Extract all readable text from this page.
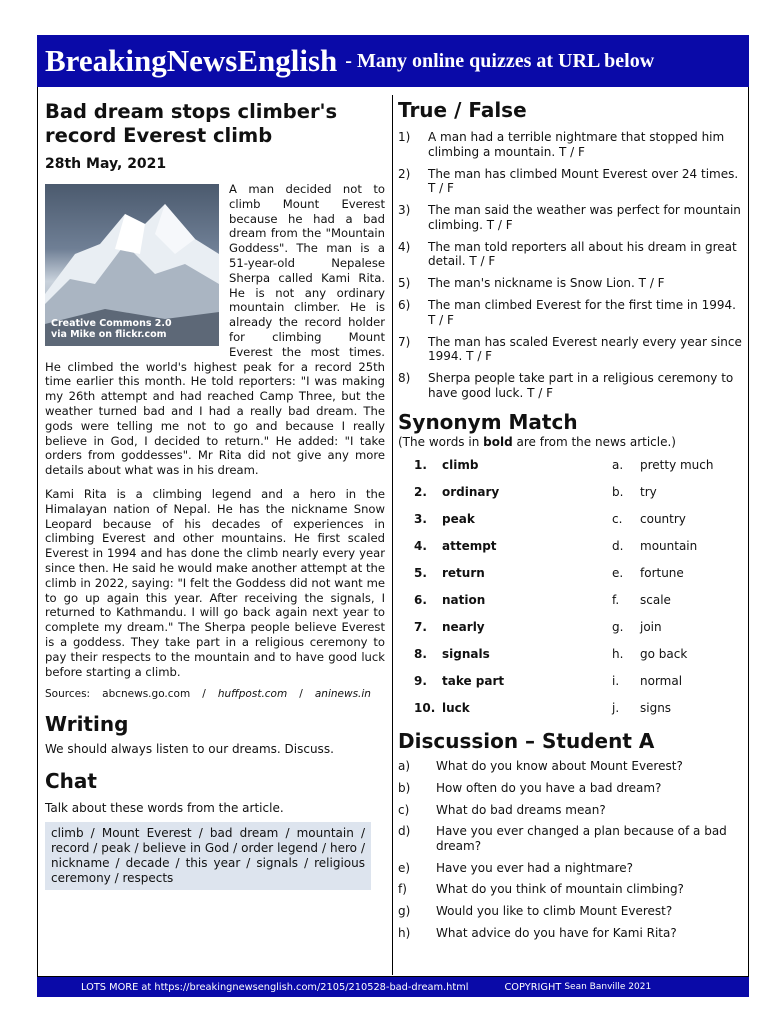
BreakingNewsEnglish - Many online quizzes at URL below
Bad dream stops climber's record Everest climb
28th May, 2021
Creative Commons 2.0
via Mike on flickr.com

A man decided not to climb Mount Everest because he had a bad dream from the "Mountain Goddess". The man is a 51-year-old Nepalese Sherpa called Kami Rita. He is not any ordinary mountain climber. He is already the record holder for climbing Mount Everest the most times. He climbed the world's highest peak for a record 25th time earlier this month. He told reporters: "I was making my 26th attempt and had reached Camp Three, but the weather turned bad and I had a really bad dream. The gods were telling me not to go and because I really believe in God, I decided to return." He added: "I take orders from goddesses". Mr Rita did not give any more details about what was in his dream.

Kami Rita is a climbing legend and a hero in the Himalayan nation of Nepal. He has the nickname Snow Leopard because of his decades of experiences in climbing Everest and other mountains. He first scaled Everest in 1994 and has done the climb nearly every year since then. He said he would make another attempt at the climb in 2022, saying: "I felt the Goddess did not want me to go up again this year. After receiving the signals, I returned to Kathmandu. I will go back again next year to complete my dream." The Sherpa people believe Everest is a goddess. They take part in a religious ceremony to pay their respects to the mountain and to have good luck before starting a climb.

Sources: abcnews.go.com / huffpost.com / aninews.in
Writing
We should always listen to our dreams. Discuss.
Chat
Talk about these words from the article.
climb / Mount Everest / bad dream / mountain / record / peak / believe in God / order legend / hero / nickname / decade / this year / signals / religious ceremony / respects
True / False
1)	A man had a terrible nightmare that stopped him climbing a mountain. T / F
2)	The man has climbed Mount Everest over 24 times. T / F
3)	The man said the weather was perfect for mountain climbing. T / F
4)	The man told reporters all about his dream in great detail. T / F
5)	The man's nickname is Snow Lion. T / F
6)	The man climbed Everest for the first time in 1994. T / F
7)	The man has scaled Everest nearly every year since 1994. T / F
8)	Sherpa people take part in a religious ceremony to have good luck. T / F
Synonym Match
(The words in bold are from the news article.)
1.	climb	a.	pretty much
2.	ordinary	b.	try
3.	peak	c.	country
4.	attempt	d.	mountain
5.	return	e.	fortune
6.	nation	f.	scale
7.	nearly	g.	join
8.	signals	h.	go back
9.	take part	i.	normal
10.	luck	j.	signs
Discussion – Student A
a)	What do you know about Mount Everest?
b)	How often do you have a bad dream?
c)	What do bad dreams mean?
d)	Have you ever changed a plan because of a bad dream?
e)	Have you ever had a nightmare?
f)	What do you think of mountain climbing?
g)	Would you like to climb Mount Everest?
h)	What advice do you have for Kami Rita?
LOTS MORE at https://breakingnewsenglish.com/2105/210528-bad-dream.html	COPYRIGHT Sean Banville 2021
